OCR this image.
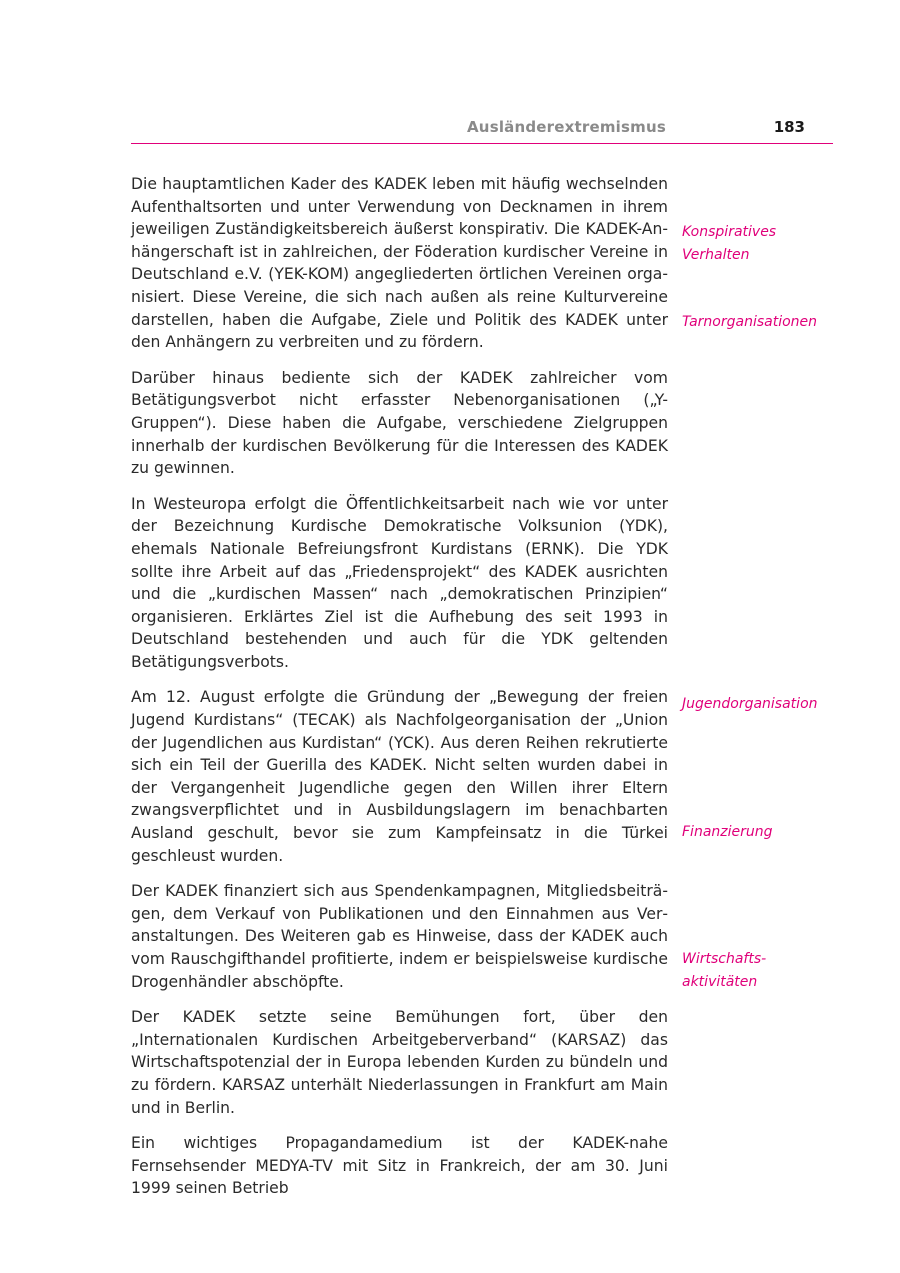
Ausländerextremismus	183

Die hauptamtlichen Kader des KADEK leben mit häufig wechselnden Aufenthaltsorten und unter Verwendung von Decknamen in ihrem jeweiligen Zuständigkeitsbereich äußerst konspirativ. Die KADEK-Anhängerschaft ist in zahlreichen, der Föderation kurdischer Vereine in Deutschland e.V. (YEK-KOM) angegliederten örtlichen Vereinen organisiert. Diese Vereine, die sich nach außen als reine Kulturvereine darstellen, haben die Aufgabe, Ziele und Politik des KADEK unter den Anhängern zu verbreiten und zu fördern.

Darüber hinaus bediente sich der KADEK zahlreicher vom Betätigungsverbot nicht erfasster Nebenorganisationen („Y-Gruppen“). Diese haben die Aufgabe, verschiedene Zielgruppen innerhalb der kurdischen Bevölkerung für die Interessen des KADEK zu gewinnen.

In Westeuropa erfolgt die Öffentlichkeitsarbeit nach wie vor unter der Bezeichnung Kurdische Demokratische Volksunion (YDK), ehemals Nationale Befreiungsfront Kurdistans (ERNK). Die YDK sollte ihre Arbeit auf das „Friedensprojekt“ des KADEK ausrichten und die „kurdischen Massen“ nach „demokratischen Prinzipien“ organisieren. Erklärtes Ziel ist die Aufhebung des seit 1993 in Deutschland bestehenden und auch für die YDK geltenden Betätigungsverbots.

Am 12. August erfolgte die Gründung der „Bewegung der freien Jugend Kurdistans“ (TECAK) als Nachfolgeorganisation der „Union der Jugendlichen aus Kurdistan“ (YCK). Aus deren Reihen rekrutierte sich ein Teil der Guerilla des KADEK. Nicht selten wurden dabei in der Vergangenheit Jugendliche gegen den Willen ihrer Eltern zwangsverpflichtet und in Ausbildungslagern im benachbarten Ausland geschult, bevor sie zum Kampfeinsatz in die Türkei geschleust wurden.

Der KADEK finanziert sich aus Spendenkampagnen, Mitgliedsbeiträgen, dem Verkauf von Publikationen und den Einnahmen aus Veranstaltungen. Des Weiteren gab es Hinweise, dass der KADEK auch vom Rauschgifthandel profitierte, indem er beispielsweise kurdische Drogenhändler abschöpfte.

Der KADEK setzte seine Bemühungen fort, über den „Internationalen Kurdischen Arbeitgeberverband“ (KARSAZ) das Wirtschaftspotenzial der in Europa lebenden Kurden zu bündeln und zu fördern. KARSAZ unterhält Niederlassungen in Frankfurt am Main und in Berlin.

Ein wichtiges Propagandamedium ist der KADEK-nahe Fernsehsender MEDYA-TV mit Sitz in Frankreich, der am 30. Juni 1999 seinen Betrieb

Konspiratives Verhalten
Tarnorganisationen
Jugendorganisation
Finanzierung
Wirtschaftsaktivitäten
